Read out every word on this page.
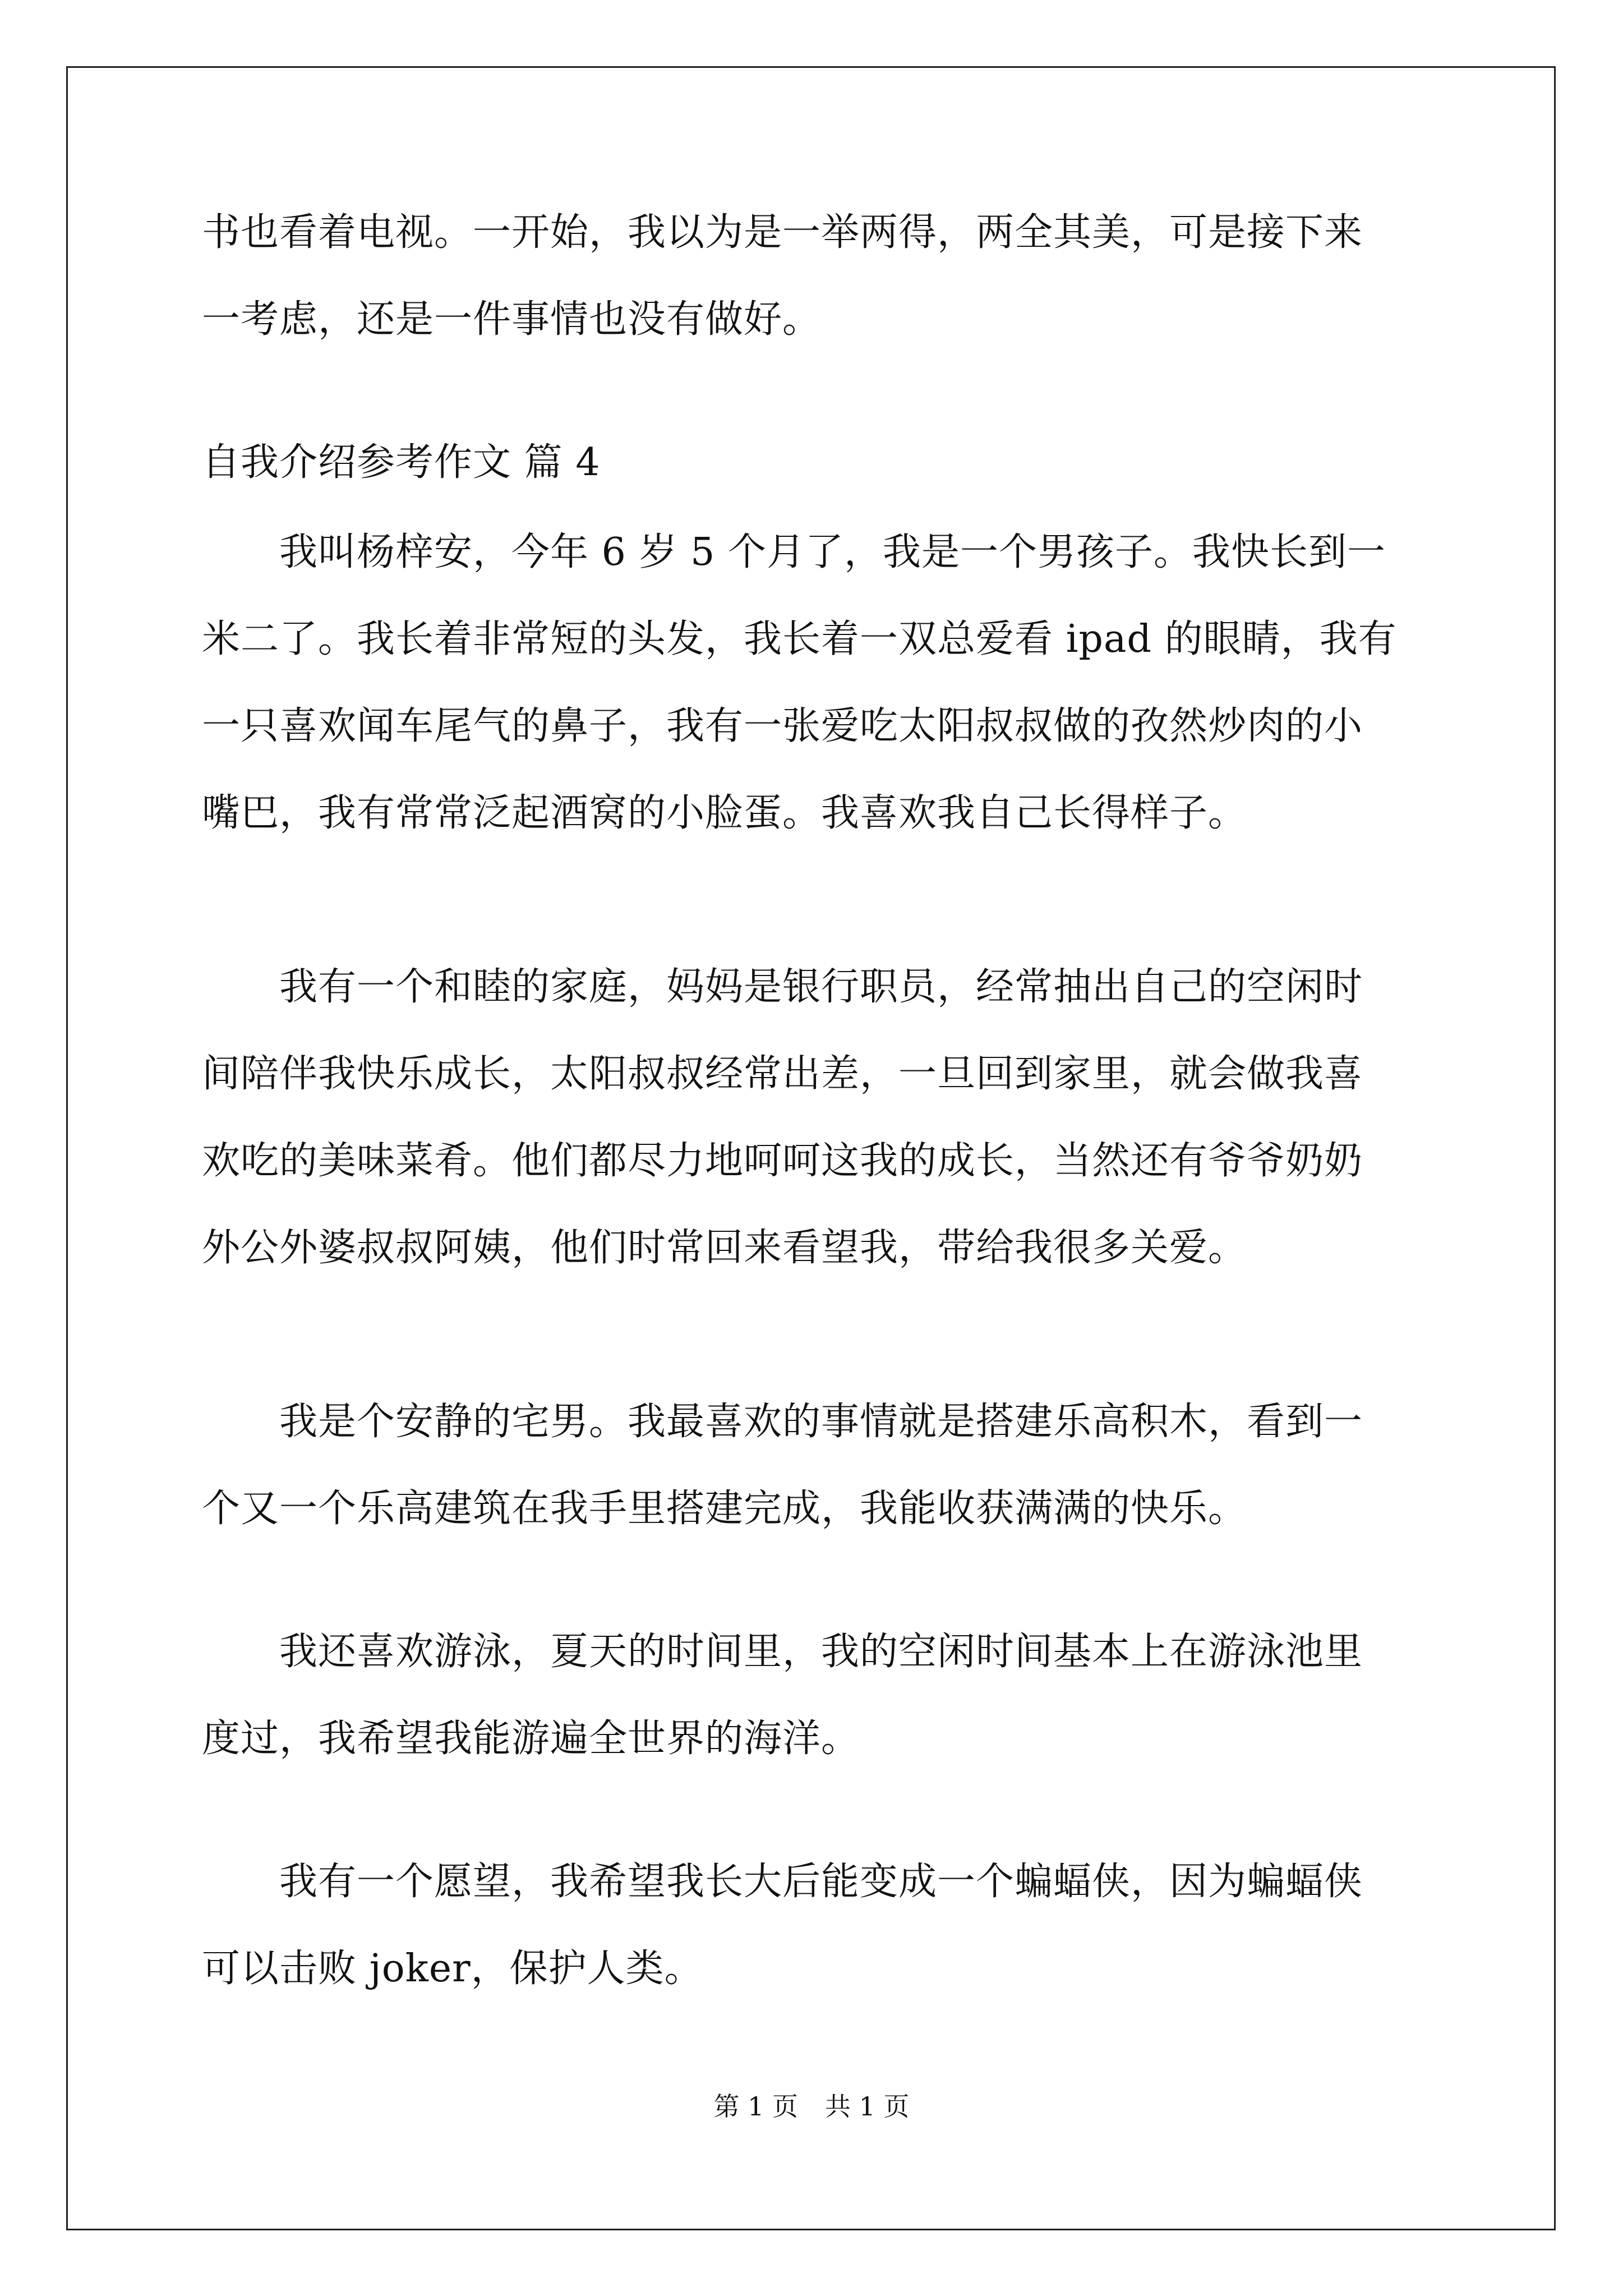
书也看着电视。一开始，我以为是一举两得，两全其美，可是接下来
一考虑，还是一件事情也没有做好。
自我介绍参考作文 篇 4
我叫杨梓安，今年 6 岁 5 个月了，我是一个男孩子。我快长到一
米二了。我长着非常短的头发，我长着一双总爱看 ipad 的眼睛，我有
一只喜欢闻车尾气的鼻子，我有一张爱吃太阳叔叔做的孜然炒肉的小
嘴巴，我有常常泛起酒窝的小脸蛋。我喜欢我自己长得样子。
我有一个和睦的家庭，妈妈是银行职员，经常抽出自己的空闲时
间陪伴我快乐成长，太阳叔叔经常出差，一旦回到家里，就会做我喜
欢吃的美味菜肴。他们都尽力地呵呵这我的成长，当然还有爷爷奶奶
外公外婆叔叔阿姨，他们时常回来看望我，带给我很多关爱。
我是个安静的宅男。我最喜欢的事情就是搭建乐高积木，看到一
个又一个乐高建筑在我手里搭建完成，我能收获满满的快乐。
我还喜欢游泳，夏天的时间里，我的空闲时间基本上在游泳池里
度过，我希望我能游遍全世界的海洋。
我有一个愿望，我希望我长大后能变成一个蝙蝠侠，因为蝙蝠侠
可以击败 joker，保护人类。
第 1 页 共 1 页
